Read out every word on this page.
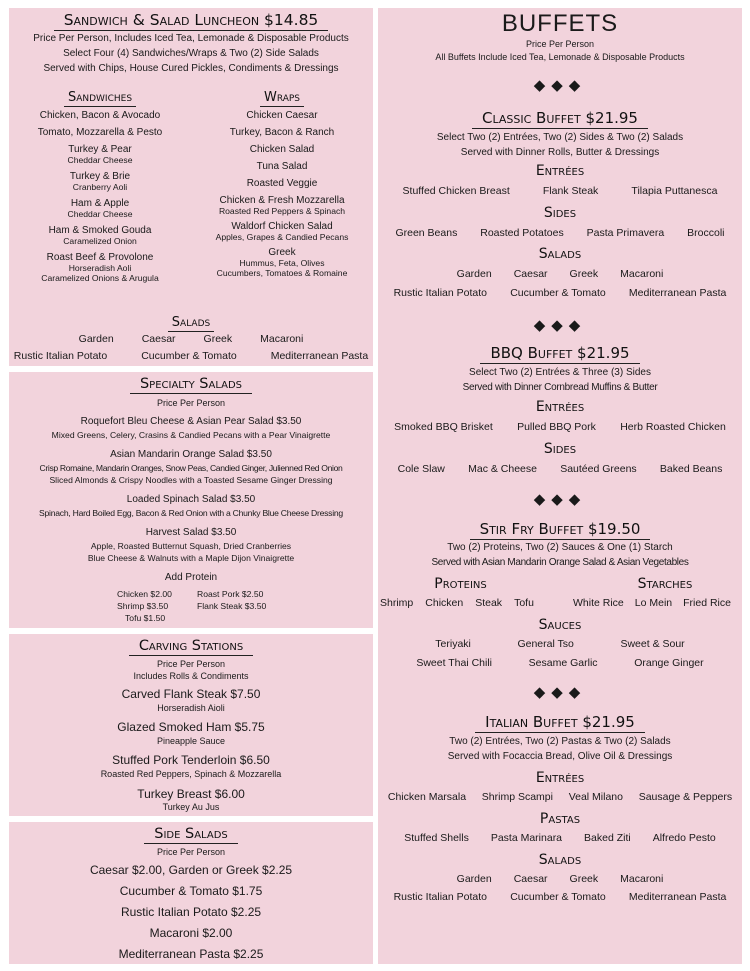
Sandwich & Salad Luncheon $14.85
Price Per Person, Includes Iced Tea, Lemonade & Disposable Products
Select Four (4) Sandwiches/Wraps & Two (2) Side Salads
Served with Chips, House Cured Pickles, Condiments & Dressings
Sandwiches
Chicken, Bacon & Avocado
Tomato, Mozzarella & Pesto
Turkey & Pear
Cheddar Cheese
Turkey & Brie
Cranberry Aoli
Ham & Apple
Cheddar Cheese
Ham & Smoked Gouda
Caramelized Onion
Roast Beef & Provolone
Horseradish Aoli
Caramelized Onions & Arugula
Wraps
Chicken Caesar
Turkey, Bacon & Ranch
Chicken Salad
Tuna Salad
Roasted Veggie
Chicken & Fresh Mozzarella
Roasted Red Peppers & Spinach
Waldorf Chicken Salad
Apples, Grapes & Candied Pecans
Greek
Hummus, Feta, Olives
Cucumbers, Tomatoes & Romaine
Salads
Garden	Caesar	Greek	Macaroni
Rustic Italian Potato	Cucumber & Tomato	Mediterranean Pasta
Specialty Salads
Price Per Person
Roquefort Bleu Cheese & Asian Pear Salad $3.50
Mixed Greens, Celery, Crasins & Candied Pecans with a Pear Vinaigrette
Asian Mandarin Orange Salad $3.50
Crisp Romaine, Mandarin Oranges, Snow Peas, Candied Ginger, Julienned Red Onion
Sliced Almonds & Crispy Noodles with a Toasted Sesame Ginger Dressing
Loaded Spinach Salad $3.50
Spinach, Hard Boiled Egg, Bacon & Red Onion with a Chunky Blue Cheese Dressing
Harvest Salad $3.50
Apple, Roasted Butternut Squash, Dried Cranberries
Blue Cheese & Walnuts with a Maple Dijon Vinaigrette
Add Protein
Chicken $2.00
Shrimp $3.50
Tofu $1.50
Roast Pork $2.50
Flank Steak $3.50
Carving Stations
Price Per Person
Includes Rolls & Condiments
Carved Flank Steak $7.50
Horseradish Aioli
Glazed Smoked Ham $5.75
Pineapple Sauce
Stuffed Pork Tenderloin $6.50
Roasted Red Peppers, Spinach & Mozzarella
Turkey Breast $6.00
Turkey Au Jus
Side Salads
Price Per Person
Caesar $2.00, Garden or Greek $2.25
Cucumber & Tomato $1.75
Rustic Italian Potato $2.25
Macaroni $2.00
Mediterranean Pasta $2.25
BUFFETS
Price Per Person
All Buffets Include Iced Tea, Lemonade & Disposable Products
◆◆◆
Classic Buffet $21.95
Select Two (2) Entrées, Two (2) Sides & Two (2) Salads
Served with Dinner Rolls, Butter & Dressings
Entrées
Stuffed Chicken Breast	Flank Steak	Tilapia Puttanesca
Sides
Green Beans Roasted Potatoes Pasta Primavera Broccoli
Salads
Garden Caesar Greek Macaroni
Rustic Italian Potato Cucumber & Tomato Mediterranean Pasta
◆◆◆
BBQ Buffet $21.95
Select Two (2) Entrées & Three (3) Sides
Served with Dinner Cornbread Muffins & Butter
Entrées
Smoked BBQ Brisket Pulled BBQ Pork Herb Roasted Chicken
Sides
Cole Slaw Mac & Cheese Sautéed Greens Baked Beans
◆◆◆
Stir Fry Buffet $19.50
Two (2) Proteins, Two (2) Sauces & One (1) Starch
Served with Asian Mandarin Orange Salad & Asian Vegetables
Proteins	Starches
Shrimp Chicken Steak Tofu	White Rice Lo Mein Fried Rice
Sauces
Teriyaki	General Tso	Sweet & Sour
Sweet Thai Chili	Sesame Garlic	Orange Ginger
◆◆◆
Italian Buffet $21.95
Two (2) Entrées, Two (2) Pastas & Two (2) Salads
Served with Focaccia Bread, Olive Oil & Dressings
Entrées
Chicken Marsala Shrimp Scampi Veal Milano Sausage & Peppers
Pastas
Stuffed Shells Pasta Marinara Baked Ziti Alfredo Pesto
Salads
Garden Caesar Greek Macaroni
Rustic Italian Potato Cucumber & Tomato Mediterranean Pasta
